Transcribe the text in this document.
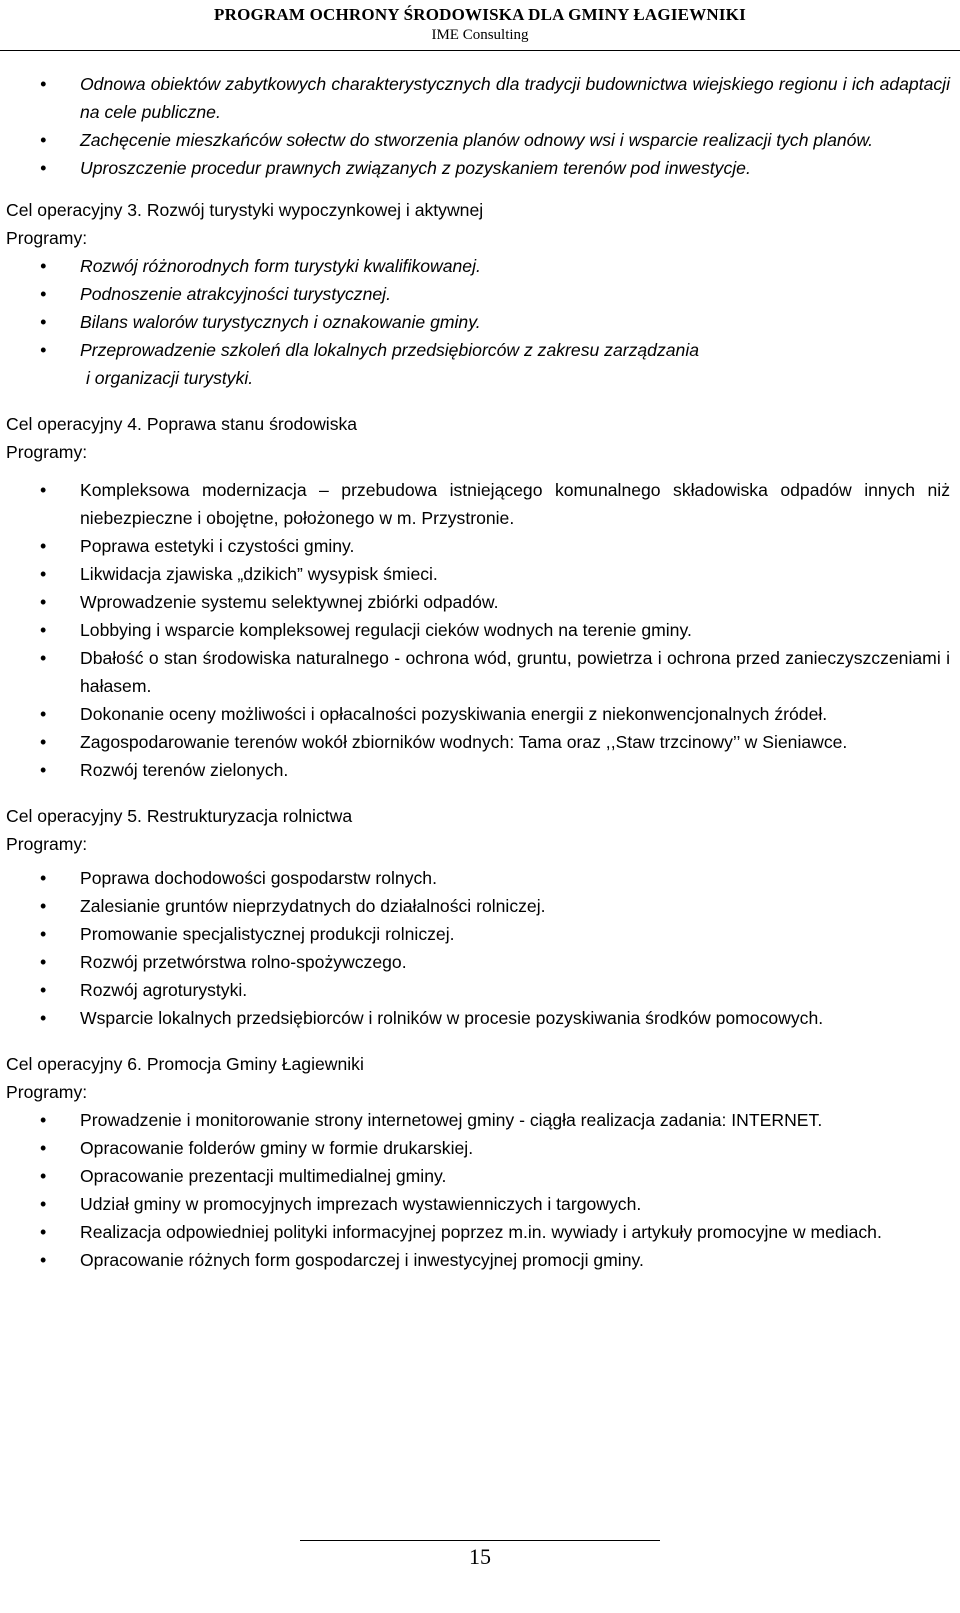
PROGRAM OCHRONY ŚRODOWISKA DLA GMINY ŁAGIEWNIKI
IME Consulting
• Odnowa obiektów zabytkowych charakterystycznych dla tradycji budownictwa wiejskiego regionu i ich adaptacji na cele publiczne.
• Zachęcenie mieszkańców sołectw do stworzenia planów odnowy wsi i wsparcie realizacji tych planów.
• Uproszczenie procedur prawnych związanych z pozyskaniem terenów pod inwestycje.
Cel operacyjny 3. Rozwój turystyki wypoczynkowej i aktywnej
Programy:
• Rozwój różnorodnych form turystyki kwalifikowanej.
• Podnoszenie atrakcyjności turystycznej.
• Bilans walorów turystycznych i oznakowanie gminy.
• Przeprowadzenie szkoleń dla lokalnych przedsiębiorców z zakresu zarządzania
i organizacji turystyki.
Cel operacyjny 4. Poprawa stanu środowiska
Programy:
• Kompleksowa modernizacja – przebudowa istniejącego komunalnego składowiska odpadów innych niż niebezpieczne i obojętne, położonego w m. Przystronie.
• Poprawa estetyki i czystości gminy.
• Likwidacja zjawiska „dzikich” wysypisk śmieci.
• Wprowadzenie systemu selektywnej zbiórki odpadów.
• Lobbying i wsparcie kompleksowej regulacji cieków wodnych na terenie gminy.
• Dbałość o stan środowiska naturalnego - ochrona wód, gruntu, powietrza i ochrona przed zanieczyszczeniami i hałasem.
• Dokonanie oceny możliwości i opłacalności pozyskiwania energii z niekonwencjonalnych źródeł.
• Zagospodarowanie terenów wokół zbiorników wodnych: Tama oraz ,,Staw trzcinowy’’ w Sieniawce.
• Rozwój terenów zielonych.
Cel operacyjny 5. Restrukturyzacja rolnictwa
Programy:
• Poprawa dochodowości gospodarstw rolnych.
• Zalesianie gruntów nieprzydatnych do działalności rolniczej.
• Promowanie specjalistycznej produkcji rolniczej.
• Rozwój przetwórstwa rolno-spożywczego.
• Rozwój agroturystyki.
• Wsparcie lokalnych przedsiębiorców i rolników w procesie pozyskiwania środków pomocowych.
Cel operacyjny 6. Promocja Gminy Łagiewniki
Programy:
• Prowadzenie i monitorowanie strony internetowej gminy - ciągła realizacja zadania: INTERNET.
• Opracowanie folderów gminy w formie drukarskiej.
• Opracowanie prezentacji multimedialnej gminy.
• Udział gminy w promocyjnych imprezach wystawienniczych i targowych.
• Realizacja odpowiedniej polityki informacyjnej poprzez m.in. wywiady i artykuły promocyjne w mediach.
• Opracowanie różnych form gospodarczej i inwestycyjnej promocji gminy.
15
